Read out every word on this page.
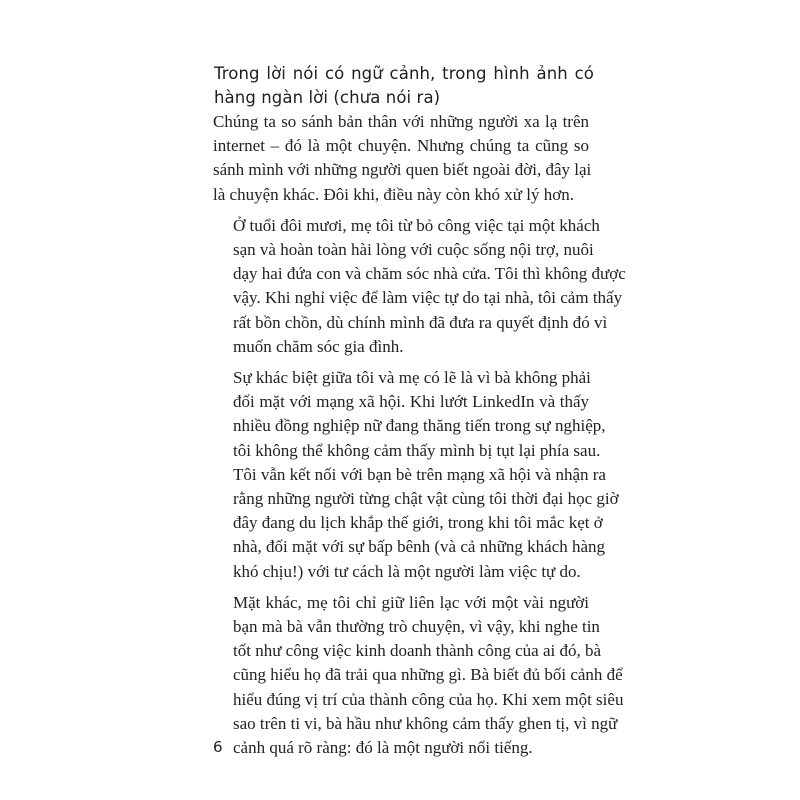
Trong lời nói có ngữ cảnh, trong hình ảnh có
hàng ngàn lời (chưa nói ra)

Chúng ta so sánh bản thân với những người xa lạ trên
internet – đó là một chuyện. Nhưng chúng ta cũng so
sánh mình với những người quen biết ngoài đời, đây lại
là chuyện khác. Đôi khi, điều này còn khó xử lý hơn.

Ở tuổi đôi mươi, mẹ tôi từ bỏ công việc tại một khách
sạn và hoàn toàn hài lòng với cuộc sống nội trợ, nuôi
dạy hai đứa con và chăm sóc nhà cửa. Tôi thì không được
vậy. Khi nghỉ việc để làm việc tự do tại nhà, tôi cảm thấy
rất bồn chồn, dù chính mình đã đưa ra quyết định đó vì
muốn chăm sóc gia đình.

Sự khác biệt giữa tôi và mẹ có lẽ là vì bà không phải
đối mặt với mạng xã hội. Khi lướt LinkedIn và thấy
nhiều đồng nghiệp nữ đang thăng tiến trong sự nghiệp,
tôi không thể không cảm thấy mình bị tụt lại phía sau.
Tôi vẫn kết nối với bạn bè trên mạng xã hội và nhận ra
rằng những người từng chật vật cùng tôi thời đại học giờ
đây đang du lịch khắp thế giới, trong khi tôi mắc kẹt ở
nhà, đối mặt với sự bấp bênh (và cả những khách hàng
khó chịu!) với tư cách là một người làm việc tự do.

Mặt khác, mẹ tôi chỉ giữ liên lạc với một vài người
bạn mà bà vẫn thường trò chuyện, vì vậy, khi nghe tin
tốt như công việc kinh doanh thành công của ai đó, bà
cũng hiểu họ đã trải qua những gì. Bà biết đủ bối cảnh để
hiểu đúng vị trí của thành công của họ. Khi xem một siêu
sao trên ti vi, bà hầu như không cảm thấy ghen tị, vì ngữ
cảnh quá rõ ràng: đó là một người nổi tiếng.

6
